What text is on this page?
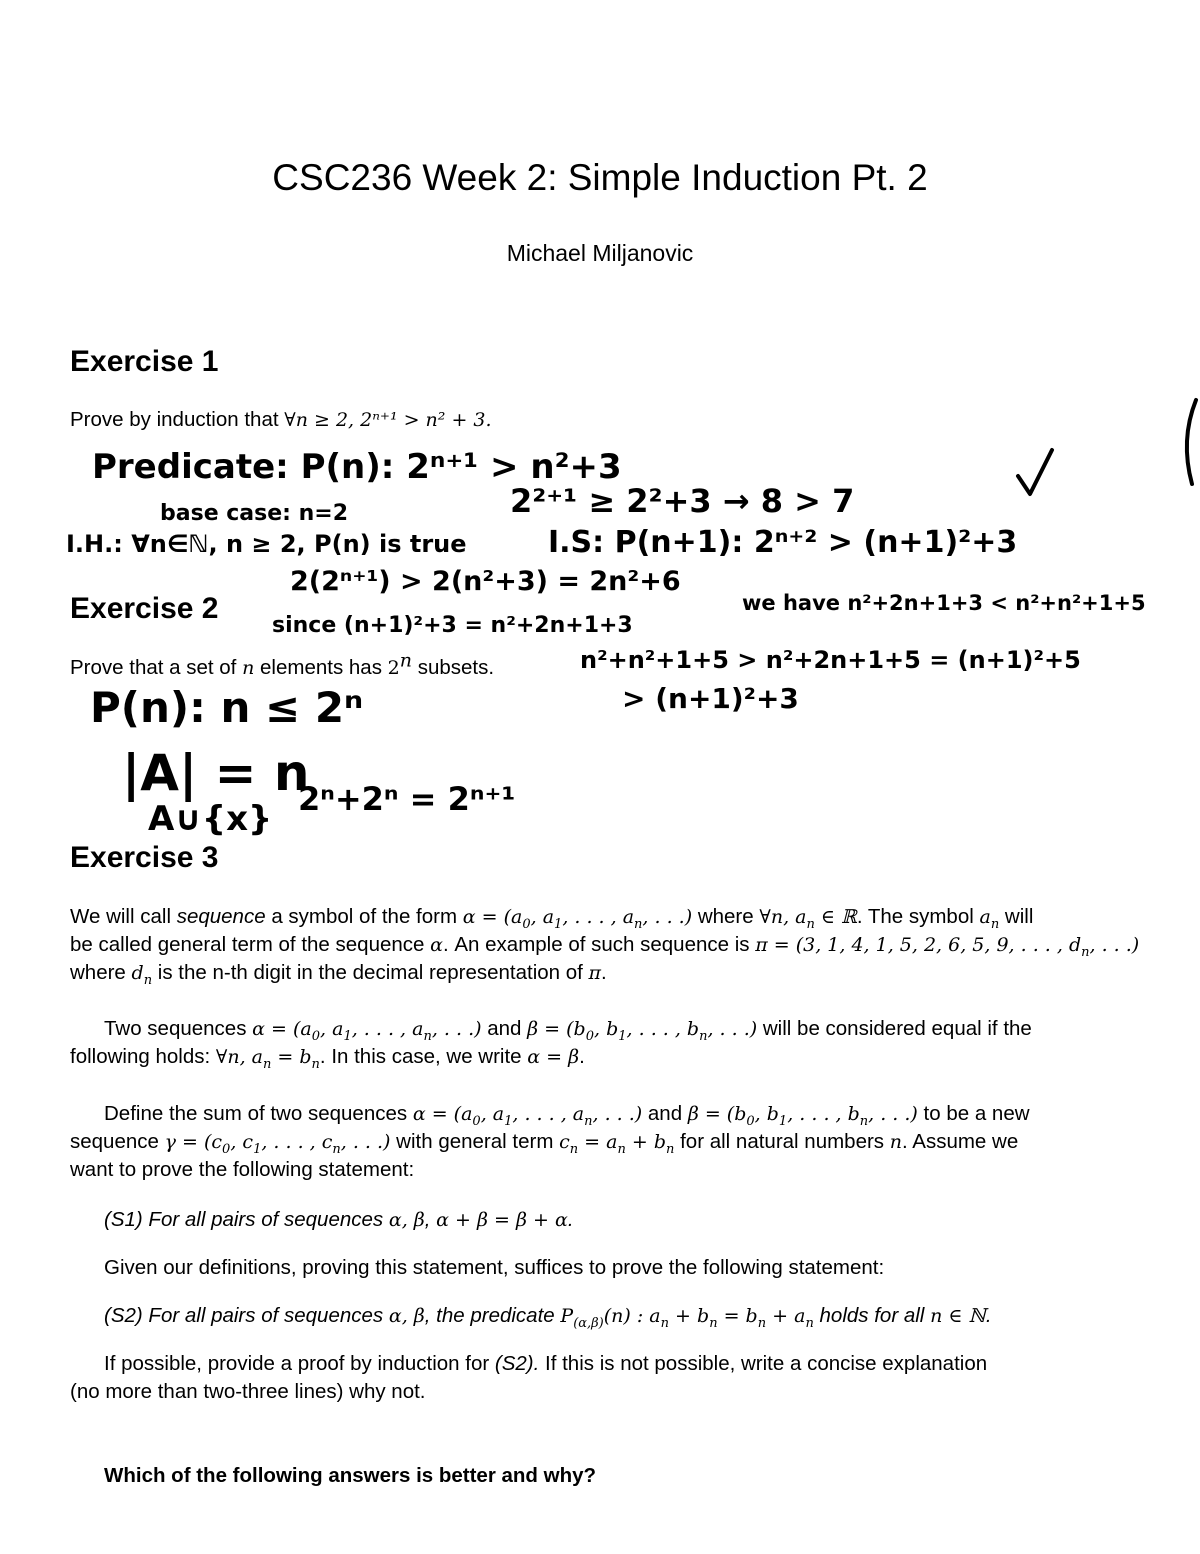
CSC236 Week 2: Simple Induction Pt. 2
Michael Miljanovic
Exercise 1
Prove by induction that ∀n ≥ 2, 2ⁿ⁺¹ > n² + 3.
Exercise 2
Prove that a set of n elements has 2$^n$ subsets.
Exercise 3
We will call sequence a symbol of the form $\alpha = (a_0$, $a_1$, . . . , $a_n$, . . .) where ∀n, $a_n$ ∈ ℝ. The symbol $a_n$ will
be called general term of the sequence α. An example of such sequence is π = (3, 1, 4, 1, 5, 2, 6, 5, 9, . . . , $d_n$, . . .)
where $d_n$ is the n-th digit in the decimal representation of π.
Two sequences $\alpha = (a_0$, $a_1$, . . . , $a_n$, . . .) and $\beta = (b_0$, $b_1$, . . . , $b_n$, . . .) will be considered equal if the
following holds: ∀n, $a_n = b_n$. In this case, we write α = β.
Define the sum of two sequences $\alpha = (a_0$, $a_1$, . . . , $a_n$, . . .) and $\beta = (b_0$, $b_1$, . . . , $b_n$, . . .) to be a new
sequence $\gamma = (c_0$, $c_1$, . . . , $c_n$, . . .) with general term $c_n = a_n + b_n$ for all natural numbers n. Assume we
want to prove the following statement:
(S1) For all pairs of sequences α, β, α + β = β + α.
Given our definitions, proving this statement, suffices to prove the following statement:
(S2) For all pairs of sequences α, β, the predicate $P_{(\alpha,\beta)}(n)$ : $a_n + b_n = b_n + a_n$ holds for all n ∈ ℕ.
If possible, provide a proof by induction for (S2). If this is not possible, write a concise explanation
(no more than two-three lines) why not.
Which of the following answers is better and why?
Predicate: P(n): 2ⁿ⁺¹ > n²+3
base case: n=2	2²⁺¹ ≥ 2²+3 → 8 > 7
I.H.: ∀n∈ℕ, n ≥ 2, P(n) is true	I.S: P(n+1): 2ⁿ⁺² > (n+1)²+3
2(2ⁿ⁺¹) > 2(n²+3) = 2n²+6
since (n+1)²+3 = n²+2n+1+3
we have n²+2n+1+3 < n²+n²+1+5
n²+n²+1+5 > n²+2n+1+5 = (n+1)²+5
> (n+1)²+3
P(n): n ≤ 2ⁿ
|A| = n
A∪{x} 2ⁿ+2ⁿ = 2ⁿ⁺¹
